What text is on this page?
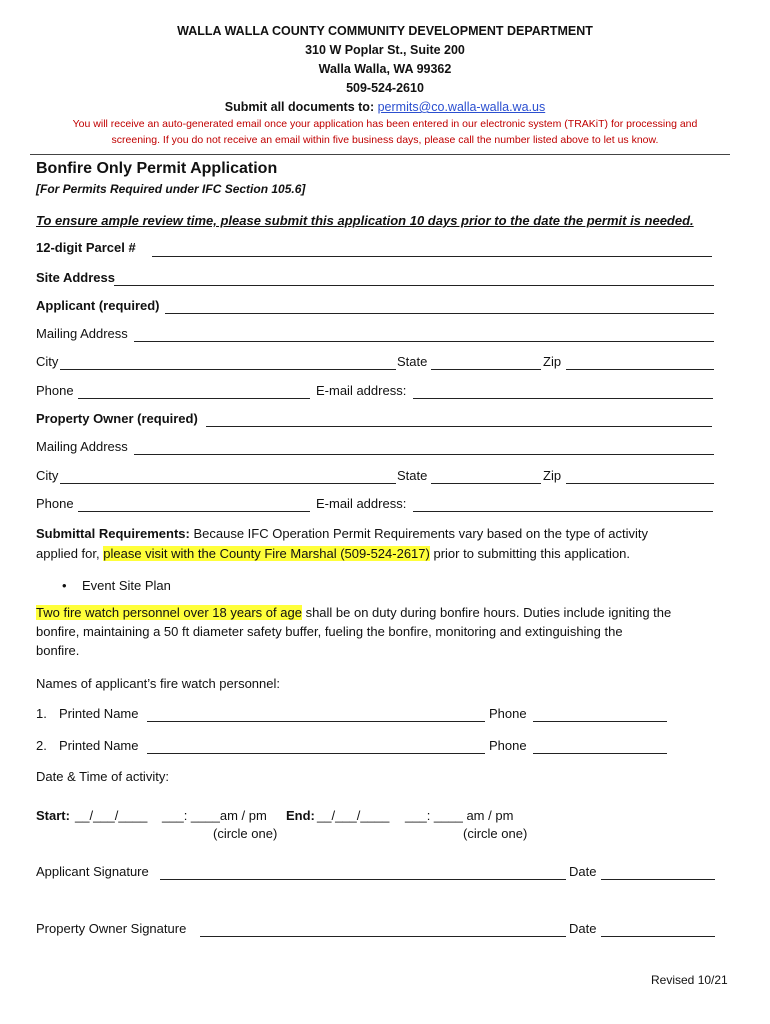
WALLA WALLA COUNTY COMMUNITY DEVELOPMENT DEPARTMENT
310 W Poplar St., Suite 200
Walla Walla, WA 99362
509-524-2610
Submit all documents to: permits@co.walla-walla.wa.us
You will receive an auto-generated email once your application has been entered in our electronic system (TRAKiT) for processing and
screening. If you do not receive an email within five business days, please call the number listed above to let us know.
Bonfire Only Permit Application
[For Permits Required under IFC Section 105.6]
To ensure ample review time, please submit this application 10 days prior to the date the permit is needed.
12-digit Parcel #
Site Address
Applicant (required)
Mailing Address
City	State	Zip
Phone	E-mail address:
Property Owner (required)
Mailing Address
City	State	Zip
Phone	E-mail address:
Submittal Requirements: Because IFC Operation Permit Requirements vary based on the type of activity
applied for, please visit with the County Fire Marshal (509-524-2617) prior to submitting this application.
• Event Site Plan
Two fire watch personnel over 18 years of age shall be on duty during bonfire hours. Duties include igniting the
bonfire, maintaining a 50 ft diameter safety buffer, fueling the bonfire, monitoring and extinguishing the
bonfire.
Names of applicant’s fire watch personnel:
1. Printed Name	Phone
2. Printed Name	Phone
Date & Time of activity:
Start: __/___/____ ___: ____am / pm End: __/___/____ ___: ____ am / pm
(circle one)	(circle one)
Applicant Signature	Date
Property Owner Signature	Date
Revised 10/21
